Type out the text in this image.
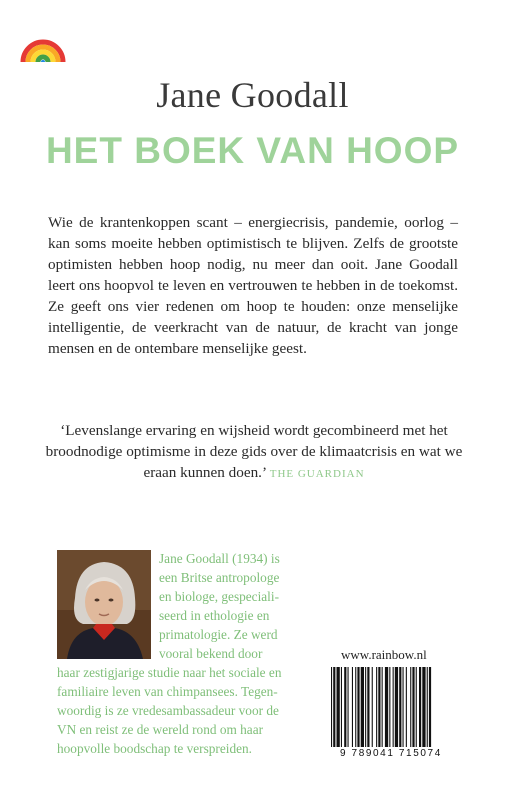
Jane Goodall
HET BOEK VAN HOOP

Wie de krantenkoppen scant – energiecrisis, pandemie, oorlog – kan soms moeite hebben optimistisch te blijven. Zelfs de grootste optimisten hebben hoop nodig, nu meer dan ooit. Jane Goodall leert ons hoopvol te leven en vertrouwen te hebben in de toekomst. Ze geeft ons vier redenen om hoop te houden: onze menselijke intelligentie, de veerkracht van de natuur, de kracht van jonge mensen en de ontembare menselijke geest.

‘Levenslange ervaring en wijsheid wordt gecombineerd met het broodnodige optimisme in deze gids over de klimaatcrisis en wat we eraan kunnen doen.’ THE GUARDIAN

Jane Goodall (1934) is
een Britse antropologe
en biologe, gespeciali-
seerd in ethologie en
primatologie. Ze werd
vooral bekend door
haar zestigjarige studie naar het sociale en
familiaire leven van chimpansees. Tegen-
woordig is ze vredesambassadeur voor de
VN en reist ze de wereld rond om haar
hoopvolle boodschap te verspreiden.
www.rainbow.nl
9 789041 715074
